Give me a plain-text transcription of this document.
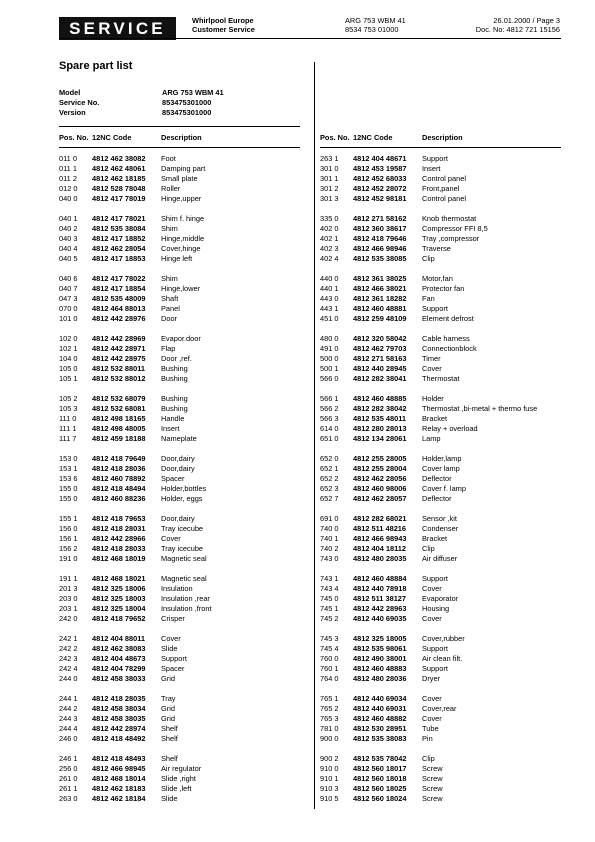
SERVICE	Whirlpool Europe
Customer Service
ARG 753 WBM 41
8534 753 01000
26.01.2000 / Page 3
Doc. No: 4812 721 15156
Spare part list
Model	ARG 753 WBM 41
Service No.	853475301000
Version	853475301000
Pos. No. 12NC Code	Description
011 0	4812 462 38082	Foot
011 1	4812 462 48061	Damping part
011 2	4812 462 18185	Small plate
012 0	4812 528 78048	Roller
040 0	4812 417 78019	Hinge,upper
040 1	4812 417 78021	Shim f. hinge
040 2	4812 535 38084	Shim
040 3	4812 417 18852	Hinge,middle
040 4	4812 462 28054	Cover,hinge
040 5	4812 417 18853	Hinge left
040 6	4812 417 78022	Shim
040 7	4812 417 18854	Hinge,lower
047 3	4812 535 48009	Shaft
070 0	4812 464 88013	Panel
101 0	4812 442 28976	Door
102 0	4812 442 28969	Evapor.door
102 1	4812 442 28971	Flap
104 0	4812 442 28975	Door ,ref.
105 0	4812 532 88011	Bushing
105 1	4812 532 88012	Bushing
105 2	4812 532 68079	Bushing
105 3	4812 532 68081	Bushing
111 0	4812 498 18165	Handle
111 1	4812 498 48005	Insert
111 7	4812 459 18188	Nameplate
153 0	4812 418 79649	Door,dairy
153 1	4812 418 28036	Door,dairy
153 6	4812 460 78892	Spacer
155 0	4812 418 48494	Holder,bottles
155 0	4812 460 88236	Holder, eggs
155 1	4812 418 79653	Door,dairy
156 0	4812 418 28031	Tray icecube
156 1	4812 442 28966	Cover
156 2	4812 418 28033	Tray icecube
191 0	4812 468 18019	Magnetic seal
191 1	4812 468 18021	Magnetic seal
201 3	4812 325 18006	Insulation
203 0	4812 325 18003	Insulation ,rear
203 1	4812 325 18004	Insulation ,front
242 0	4812 418 79652	Crisper
242 1	4812 404 88011	Cover
242 2	4812 462 38083	Slide
242 3	4812 404 48673	Support
242 4	4812 404 78299	Spacer
244 0	4812 458 38033	Grid
244 1	4812 418 28035	Tray
244 2	4812 458 38034	Grid
244 3	4812 458 38035	Grid
244 4	4812 442 28974	Shelf
246 0	4812 418 48492	Shelf
246 1	4812 418 48493	Shelf
256 0	4812 466 98945	Air regulator
261 0	4812 468 18014	Slide ,right
261 1	4812 462 18183	Slide ,left
263 0	4812 462 18184	Slide
Pos. No. 12NC Code	Description
263 1	4812 404 48671	Support
301 0	4812 453 19587	Insert
301 1	4812 452 68033	Control panel
301 2	4812 452 28072	Front,panel
301 3	4812 452 98181	Control panel
335 0	4812 271 58162	Knob thermostat
402 0	4812 360 38617	Compressor FFI 8,5
402 1	4812 418 79646	Tray ,compressor
402 3	4812 466 98946	Traverse
402 4	4812 535 38085	Clip
440 0	4812 361 38025	Motor,fan
440 1	4812 466 38021	Protector fan
443 0	4812 361 18282	Fan
443 1	4812 460 48881	Support
451 0	4812 259 48109	Element defrost
480 0	4812 320 58042	Cable harness
491 0	4812 462 79703	Connectionblock
500 0	4812 271 58163	Timer
500 1	4812 440 28945	Cover
566 0	4812 282 38041	Thermostat
566 1	4812 460 48885	Holder
566 2	4812 282 38042	Thermostat ,bi-metal + thermo fuse
566 3	4812 535 48011	Bracket
614 0	4812 280 28013	Relay + overload
651 0	4812 134 28061	Lamp
652 0	4812 255 28005	Holder,lamp
652 1	4812 255 28004	Cover lamp
652 2	4812 462 28056	Deflector
652 3	4812 460 98006	Cover f. lamp
652 7	4812 462 28057	Deflector
691 0	4812 282 68021	Sensor ,kit
740 0	4812 511 48216	Condenser
740 1	4812 466 98943	Bracket
740 2	4812 404 18112	Clip
743 0	4812 480 28035	Air diffuser
743 1	4812 460 48884	Support
743 4	4812 440 78918	Cover
745 0	4812 511 38127	Evaporator
745 1	4812 442 28963	Housing
745 2	4812 440 69035	Cover
745 3	4812 325 18005	Cover,rubber
745 4	4812 535 98061	Support
760 0	4812 490 38001	Air clean filt.
760 1	4812 460 48883	Support
764 0	4812 480 28036	Dryer
765 1	4812 440 69034	Cover
765 2	4812 440 69031	Cover,rear
765 3	4812 460 48882	Cover
781 0	4812 530 28951	Tube
900 0	4812 535 38083	Pin
900 2	4812 535 78042	Clip
910 0	4812 560 18017	Screw
910 1	4812 560 18018	Screw
910 3	4812 560 18025	Screw
910 5	4812 560 18024	Screw
